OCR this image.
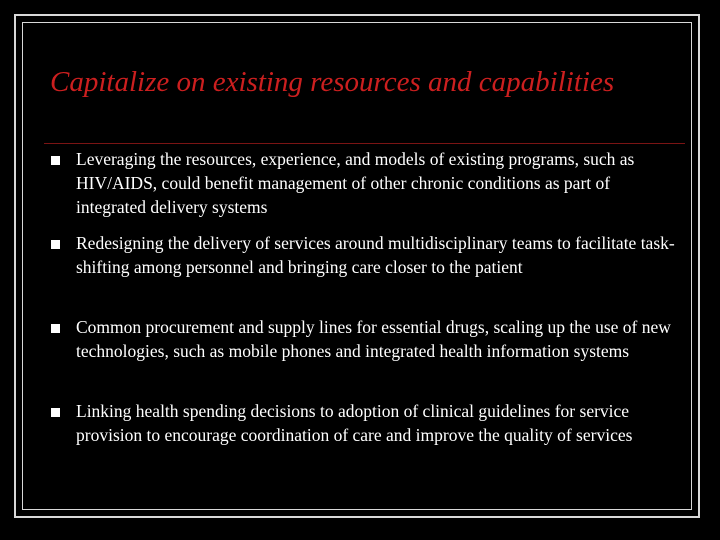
Capitalize on existing resources and capabilities
Leveraging the resources, experience, and models of existing programs, such as HIV/AIDS, could benefit management of other chronic conditions as part of integrated delivery systems
Redesigning the delivery of services around multidisciplinary teams to facilitate task-shifting among personnel and bringing care closer to the patient
Common procurement and supply lines for essential drugs, scaling up the use of new technologies, such as mobile phones and integrated health information systems
Linking health spending decisions to adoption of clinical guidelines for service provision to encourage coordination of care and improve the quality of services
